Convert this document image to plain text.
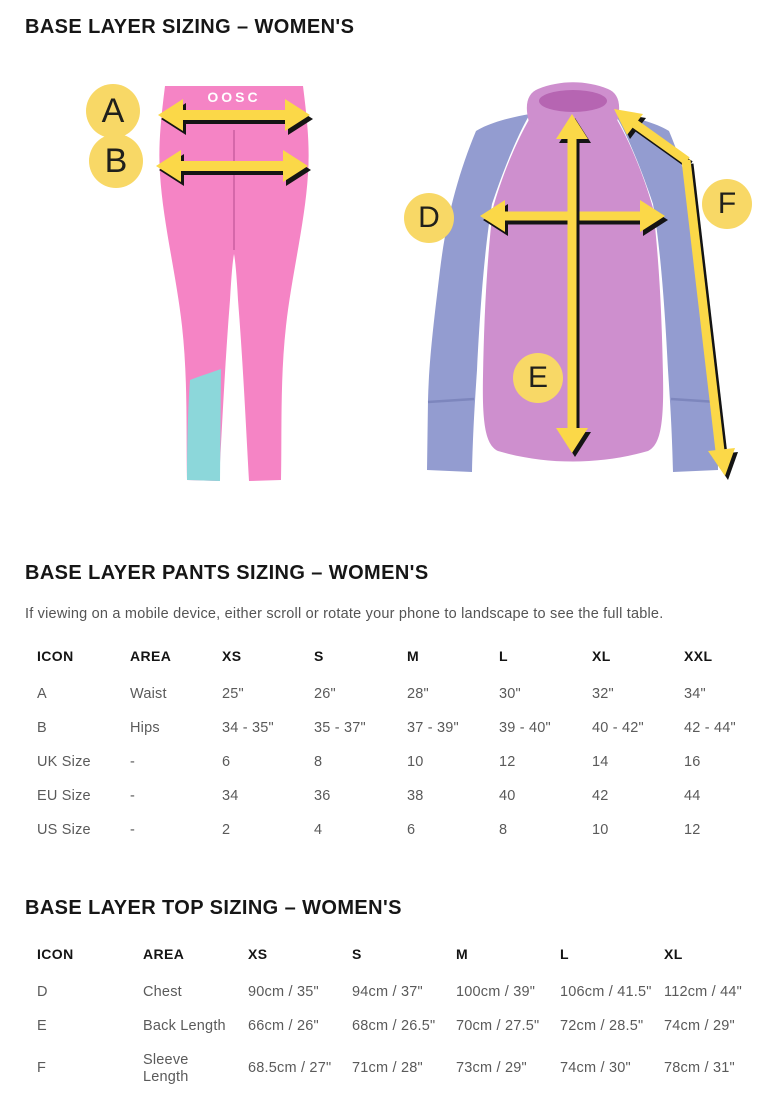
BASE LAYER SIZING – WOMEN'S
OOSC
A
B
D
E
F
BASE LAYER PANTS SIZING – WOMEN'S

If viewing on a mobile device, either scroll or rotate your phone to landscape to see the full table.

ICON	AREA	XS	S	M	L	XL	XXL
A	Waist	25"	26"	28"	30"	32"	34"
B	Hips	34 - 35"	35 - 37"	37 - 39"	39 - 40"	40 - 42"	42 - 44"
UK Size	-	6	8	10	12	14	16
EU Size	-	34	36	38	40	42	44
US Size	-	2	4	6	8	10	12
BASE LAYER TOP SIZING – WOMEN'S
ICON	AREA	XS	S	M	L	XL
D	Chest	90cm / 35"	94cm / 37"	100cm / 39"	106cm / 41.5"	112cm / 44"
E	Back Length	66cm / 26"	68cm / 26.5"	70cm / 27.5"	72cm / 28.5"	74cm / 29"
F	Sleeve Length	68.5cm / 27"	71cm / 28"	73cm / 29"	74cm / 30"	78cm / 31"
